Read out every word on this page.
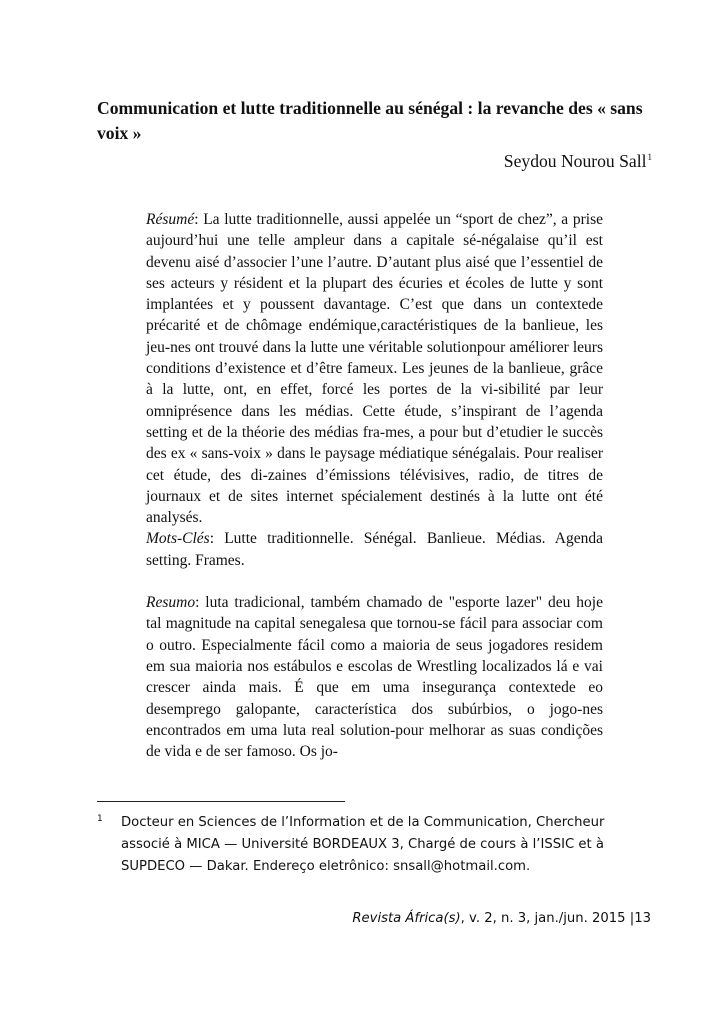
Communication et lutte traditionnelle au sénégal : la revanche des « sans voix »
Seydou Nourou Sall$^1$

Résumé: La lutte traditionnelle, aussi appelée un “sport de chez”, a prise aujourd’hui une telle ampleur dans a capitale sé-négalaise qu’il est devenu aisé d’associer l’une l’autre. D’autant plus aisé que l’essentiel de ses acteurs y résident et la plupart des écuries et écoles de lutte y sont implantées et y poussent davantage. C’est que dans un contextede précarité et de chômage endémique,caractéristiques de la banlieue, les jeu-nes ont trouvé dans la lutte une véritable solutionpour améliorer leurs conditions d’existence et d’être fameux. Les jeunes de la banlieue, grâce à la lutte, ont, en effet, forcé les portes de la vi-sibilité par leur omniprésence dans les médias. Cette étude, s’inspirant de l’agenda setting et de la théorie des médias fra-mes, a pour but d’etudier le succès des ex « sans-voix » dans le paysage médiatique sénégalais. Pour realiser cet étude, des di-zaines d’émissions télévisives, radio, de titres de journaux et de sites internet spécialement destinés à la lutte ont été analysés.

Mots-Clés: Lutte traditionnelle. Sénégal. Banlieue. Médias. Agenda setting. Frames.

Resumo: luta tradicional, também chamado de "esporte lazer" deu hoje tal magnitude na capital senegalesa que tornou-se fácil para associar com o outro. Especialmente fácil como a maioria de seus jogadores residem em sua maioria nos estábulos e escolas de Wrestling localizados lá e vai crescer ainda mais. É que em uma insegurança contextede eo desemprego galopante, característica dos subúrbios, o jogo-nes encontrados em uma luta real solution-pour melhorar as suas condições de vida e de ser famoso. Os jo-

1 Docteur en Sciences de l’Information et de la Communication, Chercheur associé à MICA — Université BORDEAUX 3, Chargé de cours à l’ISSIC et à SUPDECO — Dakar. Endereço eletrônico: snsall@hotmail.com.
Revista África(s), v. 2, n. 3, jan./jun. 2015 |13
